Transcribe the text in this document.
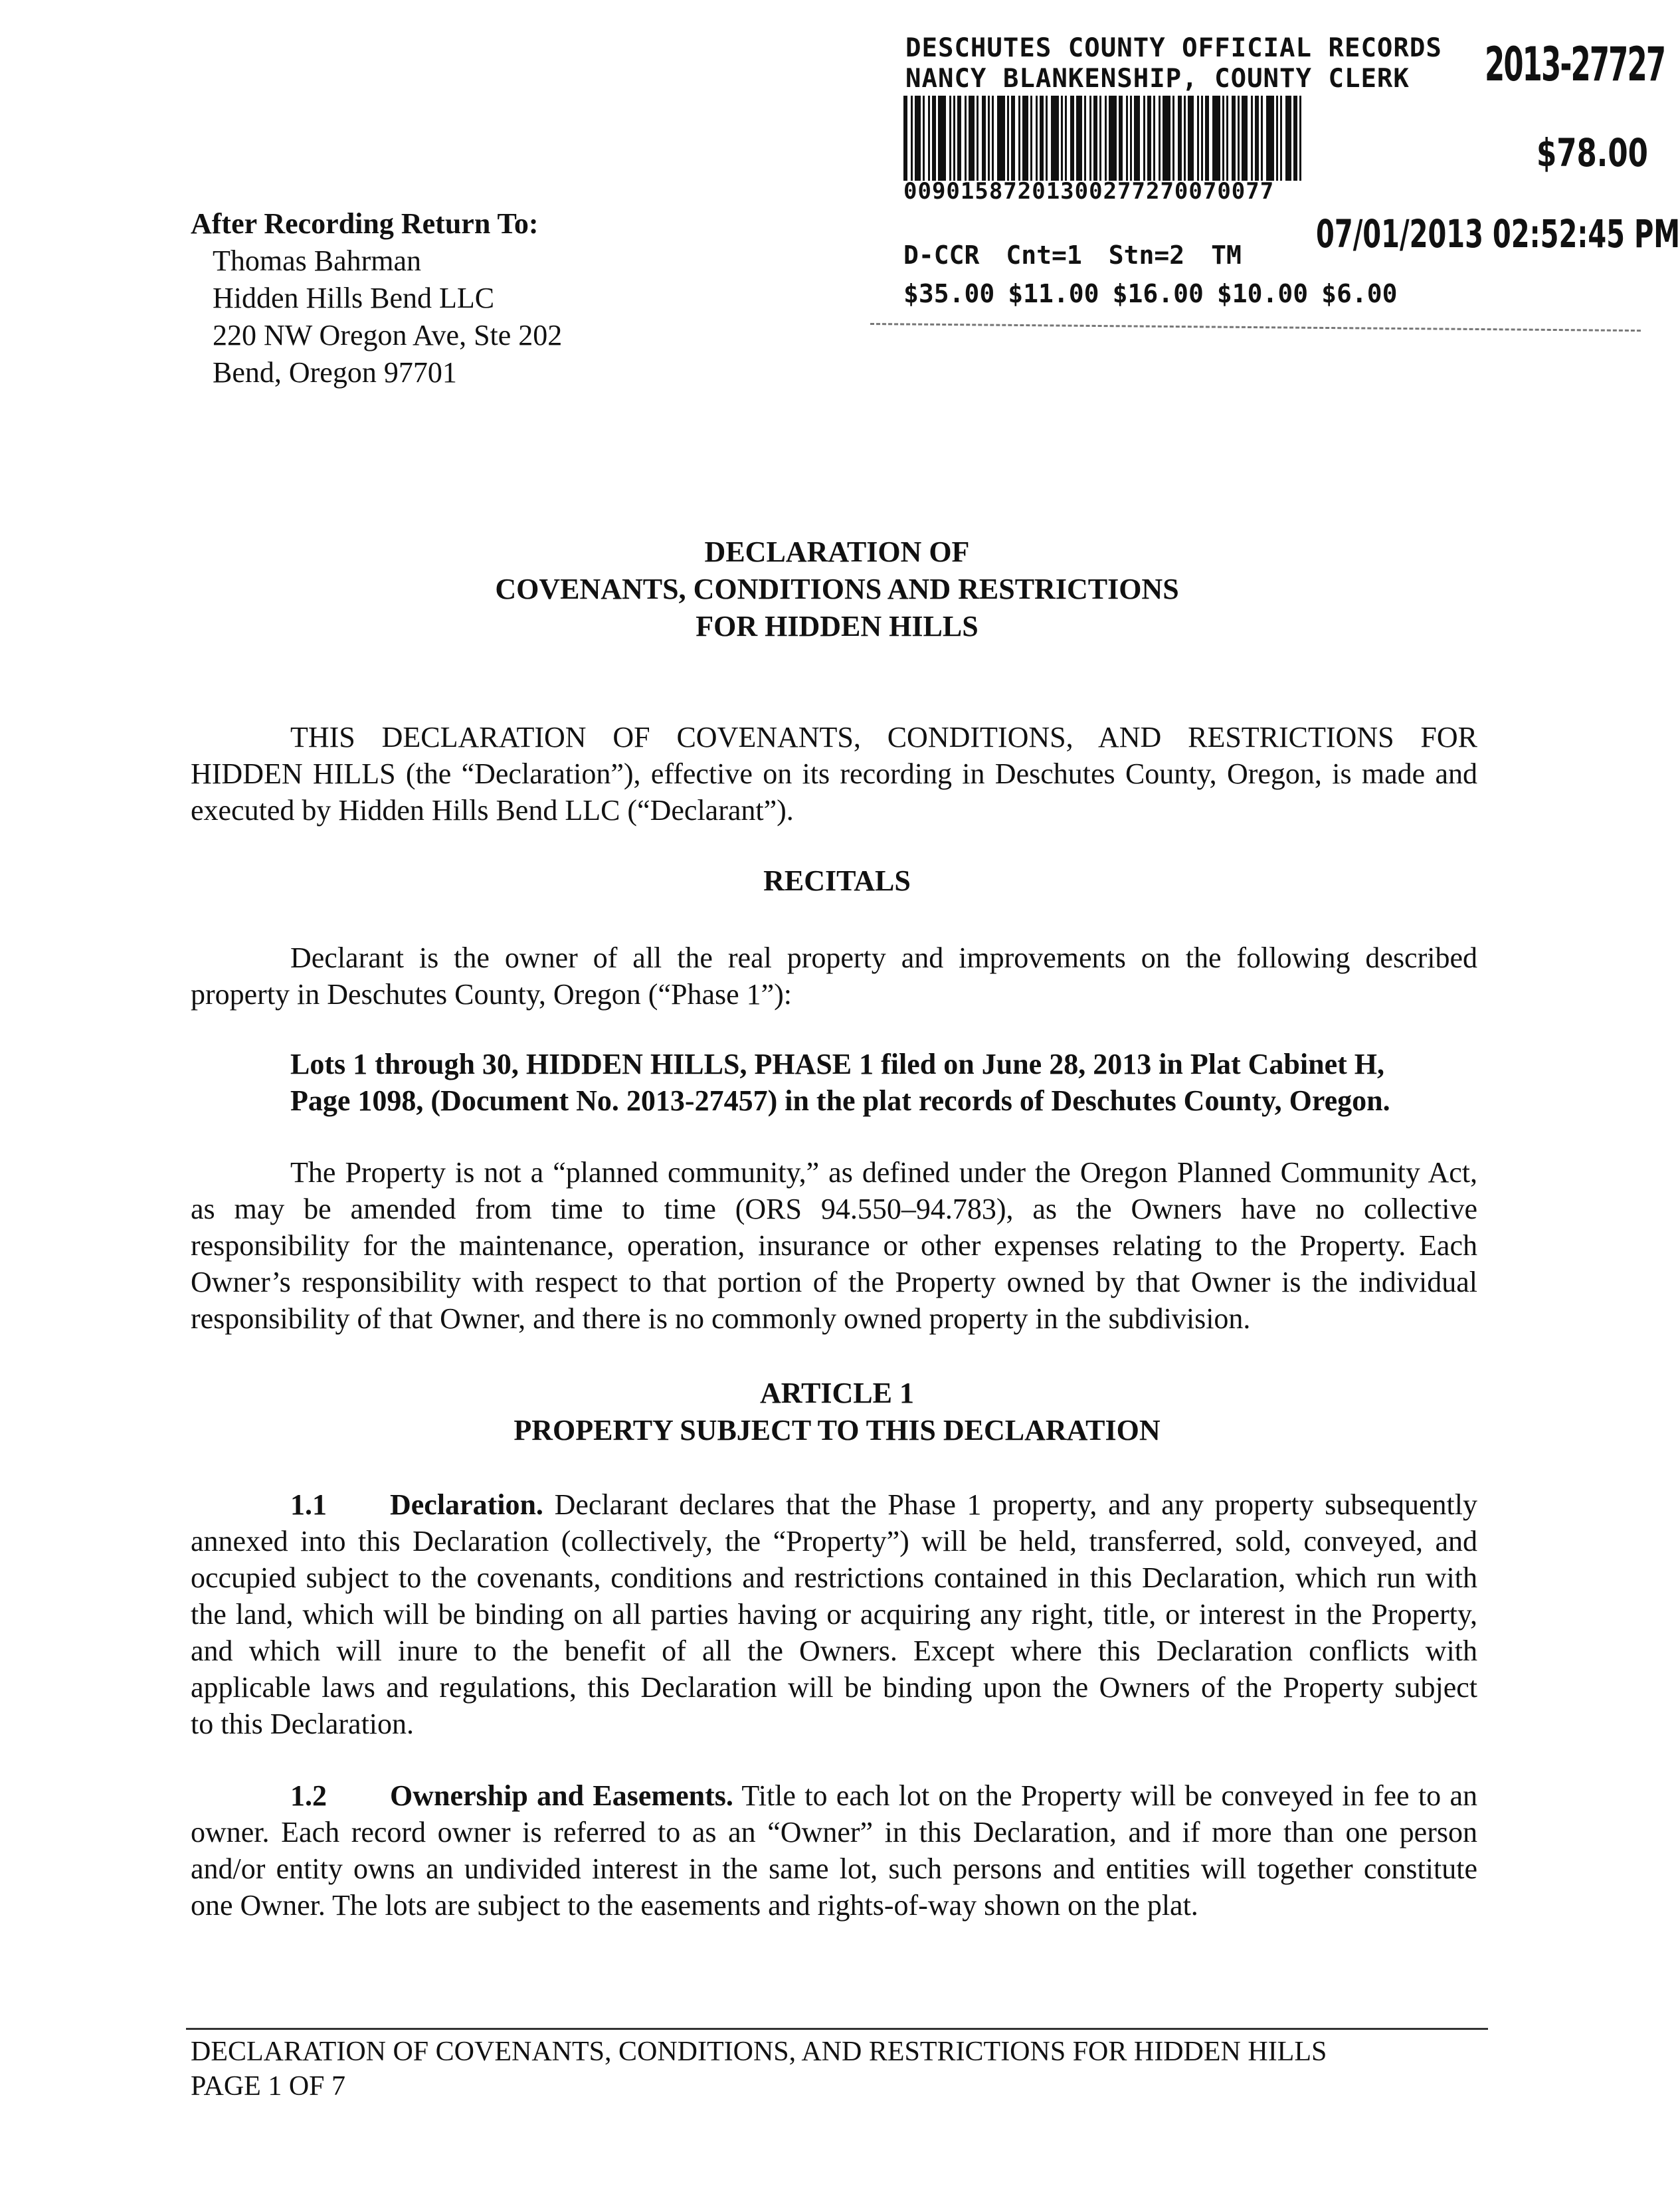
DESCHUTES COUNTY OFFICIAL RECORDS
NANCY BLANKENSHIP, COUNTY CLERK	2013-27727
00901587201300277270070077
$78.00
07/01/2013 02:52:45 PM
D-CCR Cnt=1 Stn=2 TM
$35.00 $11.00 $16.00 $10.00 $6.00
After Recording Return To:
Thomas Bahrman
Hidden Hills Bend LLC
220 NW Oregon Ave, Ste 202
Bend, Oregon 97701
DECLARATION OF
COVENANTS, CONDITIONS AND RESTRICTIONS
FOR HIDDEN HILLS
THIS DECLARATION OF COVENANTS, CONDITIONS, AND RESTRICTIONS FOR
HIDDEN HILLS (the “Declaration”), effective on its recording in Deschutes County, Oregon, is made and
executed by Hidden Hills Bend LLC (“Declarant”).
RECITALS
Declarant is the owner of all the real property and improvements on the following described
property in Deschutes County, Oregon (“Phase 1”):
Lots 1 through 30, HIDDEN HILLS, PHASE 1 filed on June 28, 2013 in Plat Cabinet H,
Page 1098, (Document No. 2013-27457) in the plat records of Deschutes County, Oregon.
The Property is not a “planned community,” as defined under the Oregon Planned Community Act,
as may be amended from time to time (ORS 94.550–94.783), as the Owners have no collective
responsibility for the maintenance, operation, insurance or other expenses relating to the Property. Each
Owner’s responsibility with respect to that portion of the Property owned by that Owner is the individual
responsibility of that Owner, and there is no commonly owned property in the subdivision.
ARTICLE 1
PROPERTY SUBJECT TO THIS DECLARATION
1.1 Declaration. Declarant declares that the Phase 1 property, and any property subsequently
annexed into this Declaration (collectively, the “Property”) will be held, transferred, sold, conveyed, and
occupied subject to the covenants, conditions and restrictions contained in this Declaration, which run with
the land, which will be binding on all parties having or acquiring any right, title, or interest in the Property,
and which will inure to the benefit of all the Owners. Except where this Declaration conflicts with
applicable laws and regulations, this Declaration will be binding upon the Owners of the Property subject
to this Declaration.
1.2 Ownership and Easements. Title to each lot on the Property will be conveyed in fee to an
owner. Each record owner is referred to as an “Owner” in this Declaration, and if more than one person
and/or entity owns an undivided interest in the same lot, such persons and entities will together constitute
one Owner. The lots are subject to the easements and rights-of-way shown on the plat.
DECLARATION OF COVENANTS, CONDITIONS, AND RESTRICTIONS FOR HIDDEN HILLS
PAGE 1 OF 7
